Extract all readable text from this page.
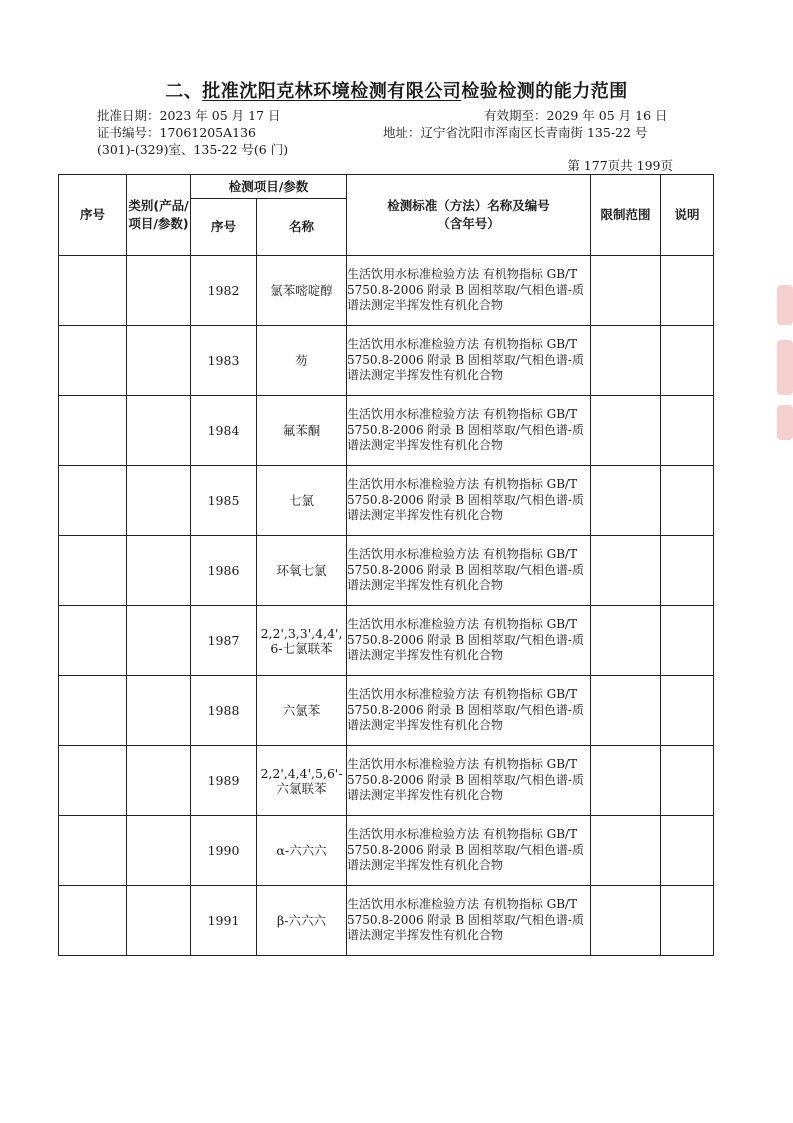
二、批准沈阳克林环境检测有限公司检验检测的能力范围
批准日期：2023 年 05 月 17 日	有效期至：2029 年 05 月 16 日
证书编号：17061205A136	地址：辽宁省沈阳市浑南区长青南街 135-22 号
(301)-(329)室、135-22 号(6 门)
第 177页共 199页
序号	类别(产品/项目/参数)	检测项目/参数		检测标准（方法）名称及编号（含年号）	限制范围	说明
		序号	名称			
		1982	氯苯嘧啶醇	生活饮用水标准检验方法 有机物指标 GB/T 5750.8-2006 附录 B 固相萃取/气相色谱-质谱法测定半挥发性有机化合物		
		1983	芴	生活饮用水标准检验方法 有机物指标 GB/T 5750.8-2006 附录 B 固相萃取/气相色谱-质谱法测定半挥发性有机化合物		
		1984	氟苯酮	生活饮用水标准检验方法 有机物指标 GB/T 5750.8-2006 附录 B 固相萃取/气相色谱-质谱法测定半挥发性有机化合物		
		1985	七氯	生活饮用水标准检验方法 有机物指标 GB/T 5750.8-2006 附录 B 固相萃取/气相色谱-质谱法测定半挥发性有机化合物		
		1986	环氧七氯	生活饮用水标准检验方法 有机物指标 GB/T 5750.8-2006 附录 B 固相萃取/气相色谱-质谱法测定半挥发性有机化合物		
		1987	2,2',3,3',4,4',6-七氯联苯	生活饮用水标准检验方法 有机物指标 GB/T 5750.8-2006 附录 B 固相萃取/气相色谱-质谱法测定半挥发性有机化合物		
		1988	六氯苯	生活饮用水标准检验方法 有机物指标 GB/T 5750.8-2006 附录 B 固相萃取/气相色谱-质谱法测定半挥发性有机化合物		
		1989	2,2',4,4',5,6'-六氯联苯	生活饮用水标准检验方法 有机物指标 GB/T 5750.8-2006 附录 B 固相萃取/气相色谱-质谱法测定半挥发性有机化合物		
		1990	α-六六六	生活饮用水标准检验方法 有机物指标 GB/T 5750.8-2006 附录 B 固相萃取/气相色谱-质谱法测定半挥发性有机化合物		
		1991	β-六六六	生活饮用水标准检验方法 有机物指标 GB/T 5750.8-2006 附录 B 固相萃取/气相色谱-质谱法测定半挥发性有机化合物		
